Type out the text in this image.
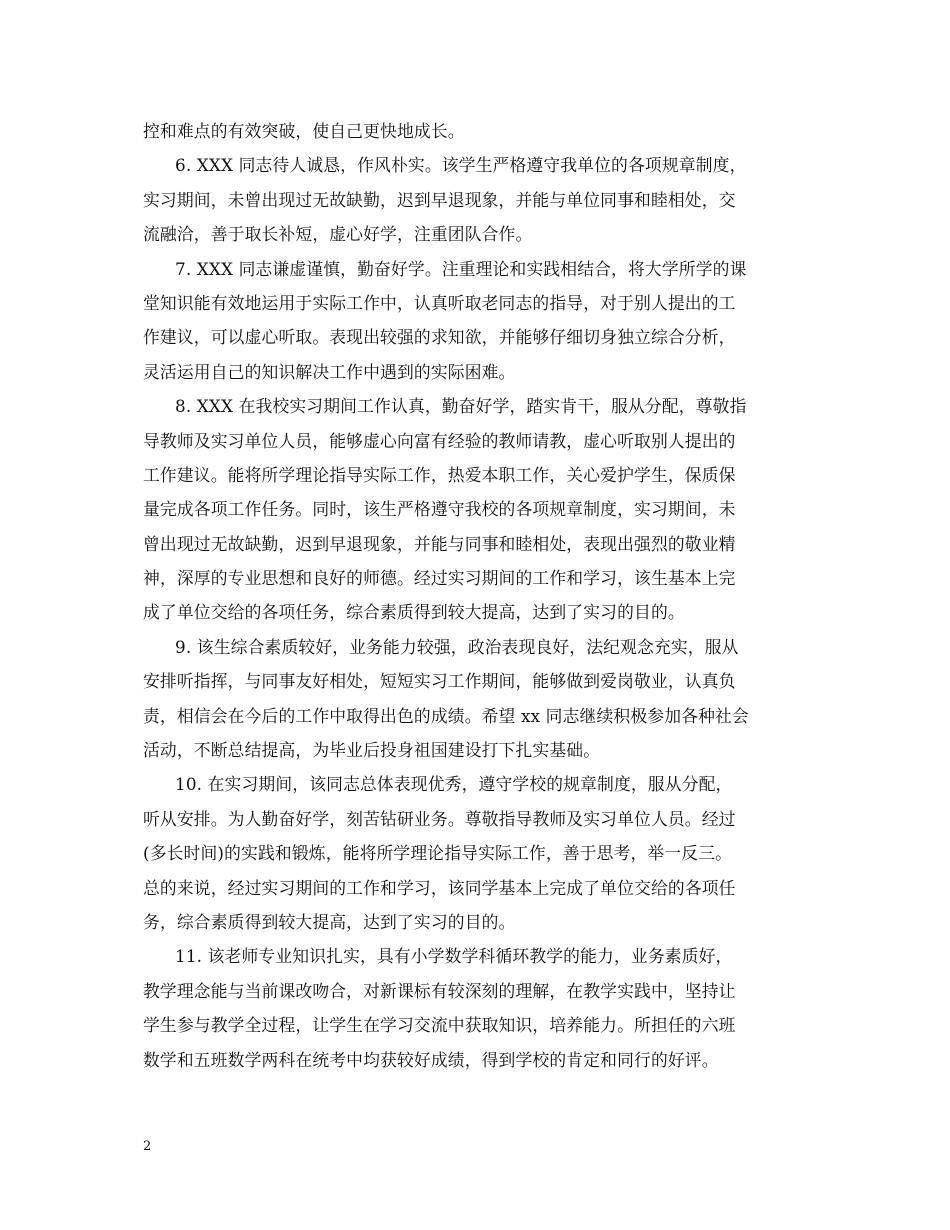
控和难点的有效突破，使自己更快地成长。
6. XXX 同志待人诚恳，作风朴实。该学生严格遵守我单位的各项规章制度，
实习期间，未曾出现过无故缺勤，迟到早退现象，并能与单位同事和睦相处，交
流融洽，善于取长补短，虚心好学，注重团队合作。
7. XXX 同志谦虚谨慎，勤奋好学。注重理论和实践相结合，将大学所学的课
堂知识能有效地运用于实际工作中，认真听取老同志的指导，对于别人提出的工
作建议，可以虚心听取。表现出较强的求知欲，并能够仔细切身独立综合分析，
灵活运用自己的知识解决工作中遇到的实际困难。
8. XXX 在我校实习期间工作认真，勤奋好学，踏实肯干，服从分配，尊敬指
导教师及实习单位人员，能够虚心向富有经验的教师请教，虚心听取别人提出的
工作建议。能将所学理论指导实际工作，热爱本职工作，关心爱护学生，保质保
量完成各项工作任务。同时，该生严格遵守我校的各项规章制度，实习期间，未
曾出现过无故缺勤，迟到早退现象，并能与同事和睦相处，表现出强烈的敬业精
神，深厚的专业思想和良好的师德。经过实习期间的工作和学习，该生基本上完
成了单位交给的各项任务，综合素质得到较大提高，达到了实习的目的。
9. 该生综合素质较好，业务能力较强，政治表现良好，法纪观念充实，服从
安排听指挥，与同事友好相处，短短实习工作期间，能够做到爱岗敬业，认真负
责，相信会在今后的工作中取得出色的成绩。希望 xx 同志继续积极参加各种社会
活动，不断总结提高，为毕业后投身祖国建设打下扎实基础。
10. 在实习期间，该同志总体表现优秀，遵守学校的规章制度，服从分配，
听从安排。为人勤奋好学，刻苦钻研业务。尊敬指导教师及实习单位人员。经过
(多长时间)的实践和锻炼，能将所学理论指导实际工作，善于思考，举一反三。
总的来说，经过实习期间的工作和学习，该同学基本上完成了单位交给的各项任
务，综合素质得到较大提高，达到了实习的目的。
11. 该老师专业知识扎实，具有小学数学科循环教学的能力，业务素质好，
教学理念能与当前课改吻合，对新课标有较深刻的理解，在教学实践中，坚持让
学生参与教学全过程，让学生在学习交流中获取知识，培养能力。所担任的六班
数学和五班数学两科在统考中均获较好成绩，得到学校的肯定和同行的好评。
2
